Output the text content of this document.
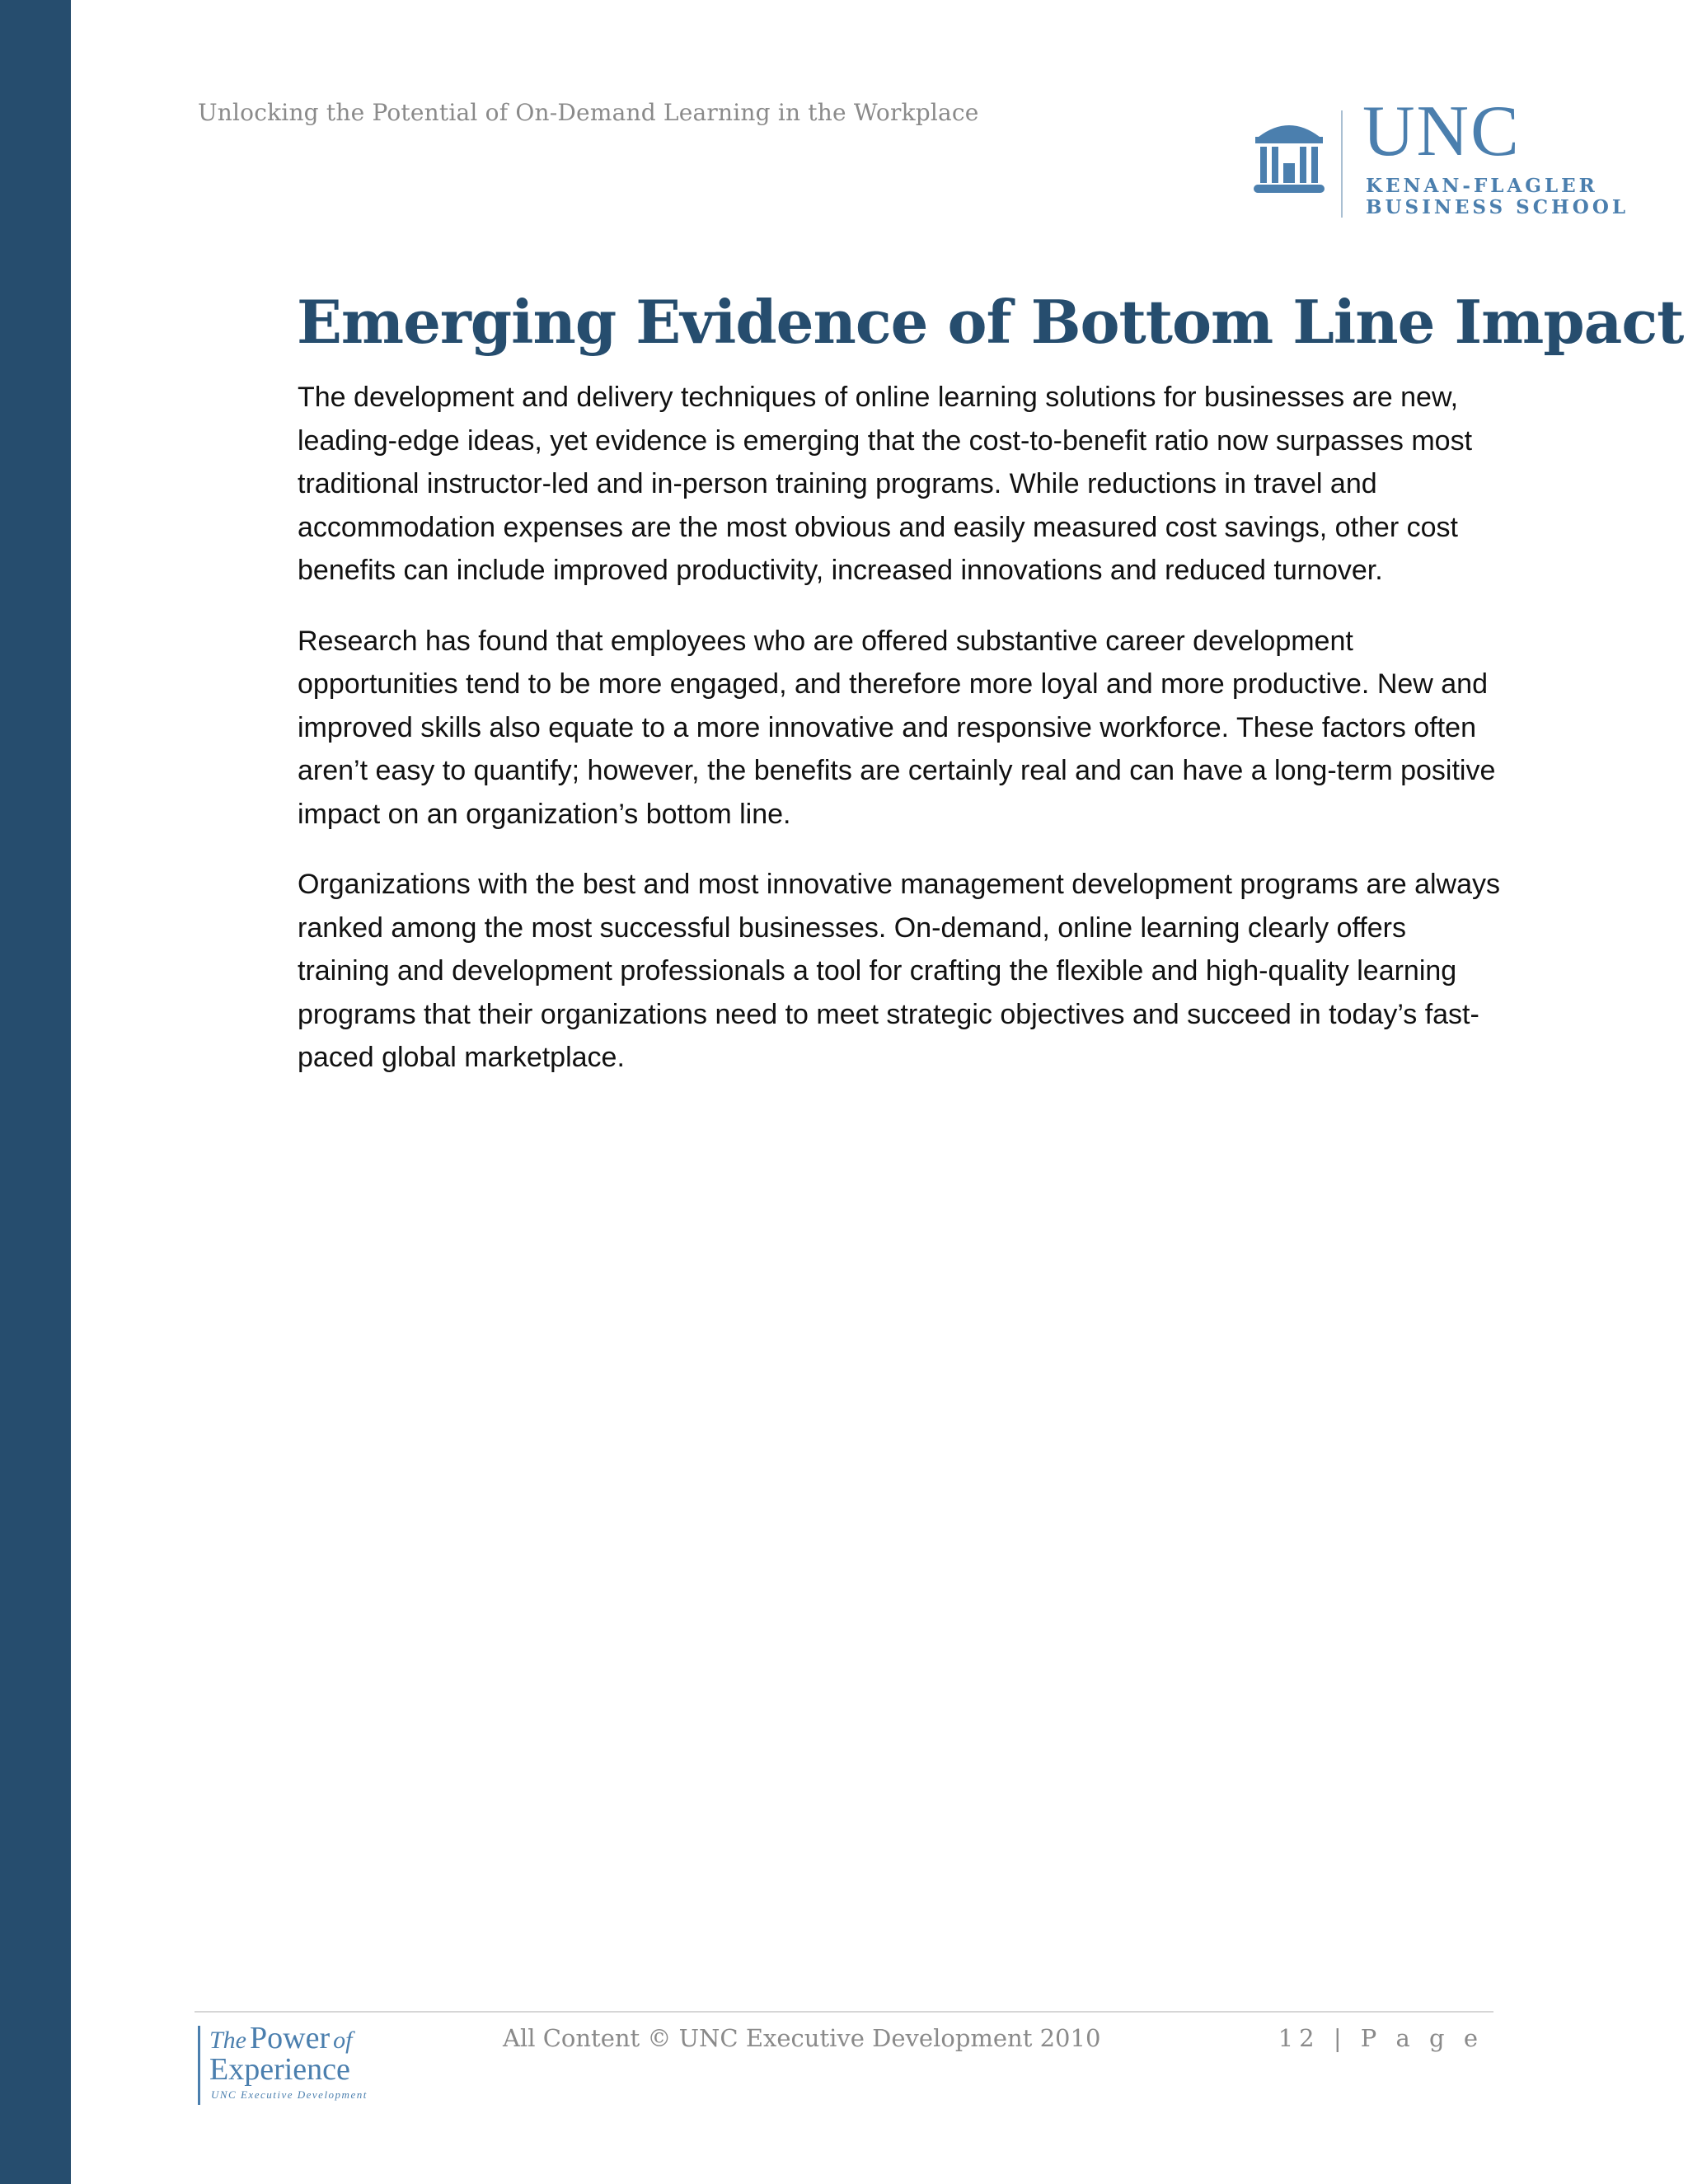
Unlocking the Potential of On-Demand Learning in the Workplace	UNC
KENAN-FLAGLER
BUSINESS SCHOOL
Emerging Evidence of Bottom Line Impact

The development and delivery techniques of online learning solutions for businesses are new, leading-edge ideas, yet evidence is emerging that the cost-to-benefit ratio now surpasses most traditional instructor-led and in-person training programs. While reductions in travel and accommodation expenses are the most obvious and easily measured cost savings, other cost benefits can include improved productivity, increased innovations and reduced turnover.

Research has found that employees who are offered substantive career development opportunities tend to be more engaged, and therefore more loyal and more productive. New and improved skills also equate to a more innovative and responsive workforce. These factors often aren’t easy to quantify; however, the benefits are certainly real and can have a long-term positive impact on an organization’s bottom line.

Organizations with the best and most innovative management development programs are always ranked among the most successful businesses. On-demand, online learning clearly offers training and development professionals a tool for crafting the flexible and high-quality learning programs that their organizations need to meet strategic objectives and succeed in today’s fast-paced global marketplace.

The Power of
Experience
UNC Executive Development
All Content © UNC Executive Development 2010	12 | P a g e
